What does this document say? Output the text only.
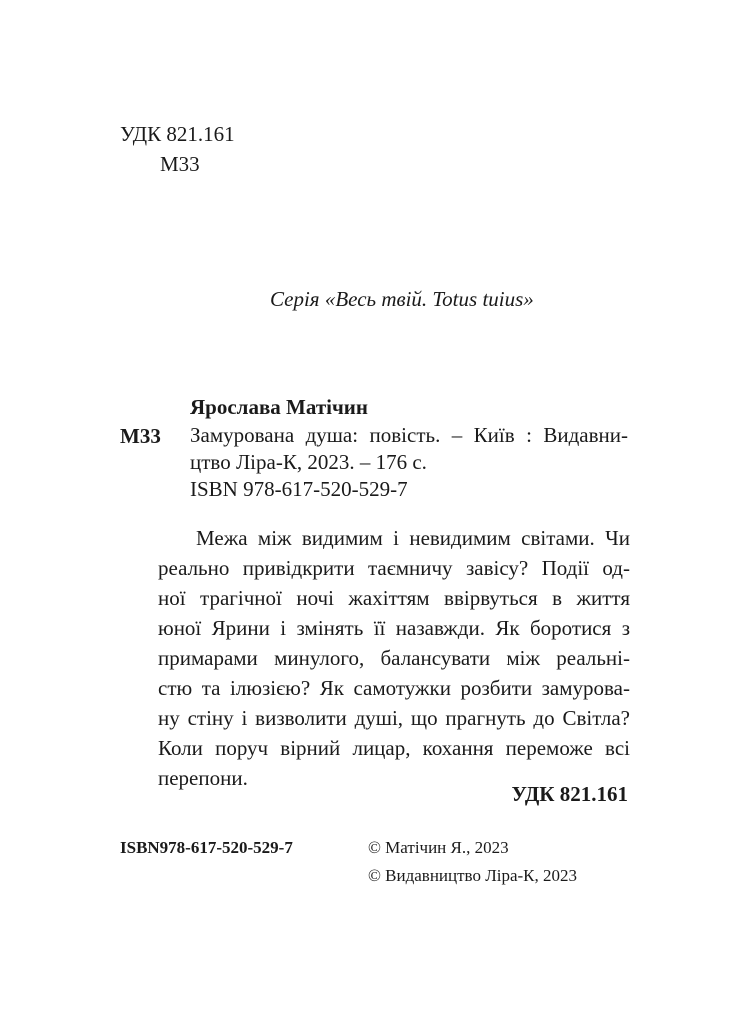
УДК 821.161
М33
Серія «Весь твій. Totus tuius»
Ярослава Матічин
М33	Замурована душа: повість. – Київ : Видавни-
цтво Ліра-К, 2023. – 176 с.
ISBN 978-617-520-529-7
Межа між видимим і невидимим світами. Чи
реально привідкрити таємничу завісу? Події од-
ної трагічної ночі жахіттям ввірвуться в життя
юної Ярини і змінять її назавжди. Як боротися з
примарами минулого, балансувати між реальні-
стю та ілюзією? Як самотужки розбити замурова-
ну стіну і визволити душі, що прагнуть до Світла?
Коли поруч вірний лицар, кохання переможе всі
перепони.
УДК 821.161
ISBN978-617-520-529-7	© Матічин Я., 2023
© Видавництво Ліра-К, 2023
